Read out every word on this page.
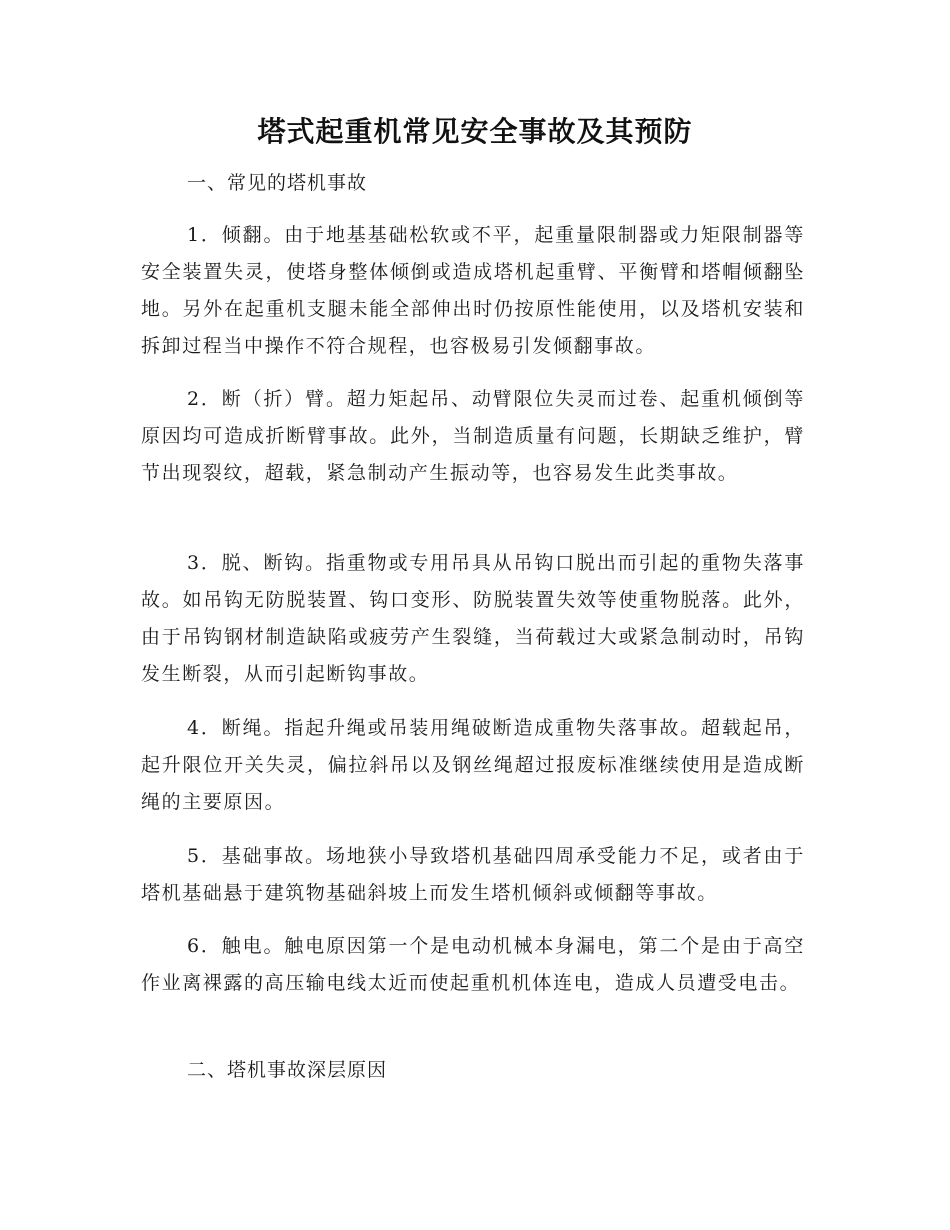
塔式起重机常见安全事故及其预防
一、常见的塔机事故
1．倾翻。由于地基基础松软或不平，起重量限制器或力矩限制器等安全装置失灵，使塔身整体倾倒或造成塔机起重臂、平衡臂和塔帽倾翻坠地。另外在起重机支腿未能全部伸出时仍按原性能使用，以及塔机安装和拆卸过程当中操作不符合规程，也容极易引发倾翻事故。
2．断（折）臂。超力矩起吊、动臂限位失灵而过卷、起重机倾倒等原因均可造成折断臂事故。此外，当制造质量有问题，长期缺乏维护，臂节出现裂纹，超载，紧急制动产生振动等，也容易发生此类事故。
3．脱、断钩。指重物或专用吊具从吊钩口脱出而引起的重物失落事故。如吊钩无防脱装置、钩口变形、防脱装置失效等使重物脱落。此外，由于吊钩钢材制造缺陷或疲劳产生裂缝，当荷载过大或紧急制动时，吊钩发生断裂，从而引起断钩事故。
4．断绳。指起升绳或吊装用绳破断造成重物失落事故。超载起吊，起升限位开关失灵，偏拉斜吊以及钢丝绳超过报废标准继续使用是造成断绳的主要原因。
5．基础事故。场地狭小导致塔机基础四周承受能力不足，或者由于塔机基础悬于建筑物基础斜坡上而发生塔机倾斜或倾翻等事故。
6．触电。触电原因第一个是电动机械本身漏电，第二个是由于高空作业离裸露的高压输电线太近而使起重机机体连电，造成人员遭受电击。
二、塔机事故深层原因
